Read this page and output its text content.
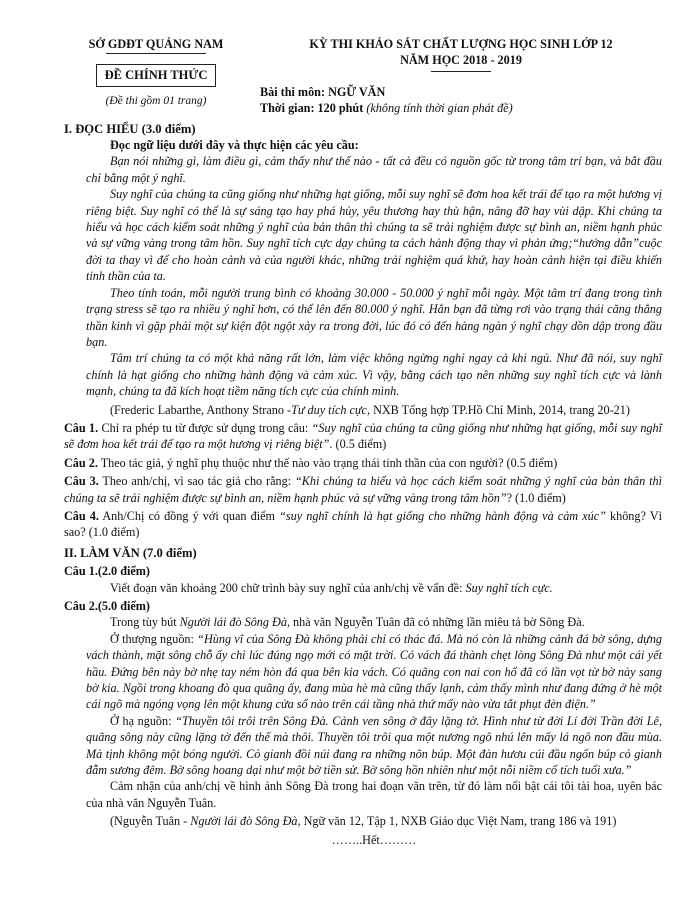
SỞ GDĐT QUẢNG NAM
ĐỀ CHÍNH THỨC
(Đề thi gồm 01 trang)
KỲ THI KHẢO SÁT CHẤT LƯỢNG HỌC SINH LỚP 12
NĂM HỌC 2018 - 2019
Bài thi môn: NGỮ VĂN
Thời gian: 120 phút (không tính thời gian phát đề)
I. ĐỌC HIỂU (3.0 điểm)
Đọc ngữ liệu dưới đây và thực hiện các yêu cầu:

Bạn nói những gì, làm điều gì, cảm thấy như thế nào - tất cả đều có nguồn gốc từ trong tâm trí bạn, và bắt đầu chỉ bằng một ý nghĩ.

Suy nghĩ của chúng ta cũng giống như những hạt giống, mỗi suy nghĩ sẽ đơm hoa kết trái để tạo ra một hương vị riêng biệt. Suy nghĩ có thể là sự sáng tạo hay phá hủy, yêu thương hay thù hận, nâng đỡ hay vùi dập. Khi chúng ta hiểu và học cách kiểm soát những ý nghĩ của bản thân thì chúng ta sẽ trải nghiệm được sự bình an, niềm hạnh phúc và sự vững vàng trong tâm hồn. Suy nghĩ tích cực dạy chúng ta cách hành động thay vì phản ứng;“hướng dẫn”cuộc đời ta thay vì để cho hoàn cảnh và của người khác, những trải nghiệm quá khứ, hay hoàn cảnh hiện tại điều khiển tinh thần của ta.

Theo tính toán, mỗi người trung bình có khoảng 30.000 - 50.000 ý nghĩ mỗi ngày. Một tâm trí đang trong tình trạng stress sẽ tạo ra nhiều ý nghĩ hơn, có thể lên đến 80.000 ý nghĩ. Hẳn bạn đã từng rơi vào trạng thái căng thẳng thần kinh vì gặp phải một sự kiện đột ngột xảy ra trong đời, lúc đó có đến hàng ngàn ý nghĩ chạy dồn dập trong đầu bạn.

Tâm trí chúng ta có một khả năng rất lớn, làm việc không ngừng nghỉ ngay cả khi ngủ. Như đã nói, suy nghĩ chính là hạt giống cho những hành động và cảm xúc. Vì vậy, bằng cách tạo nên những suy nghĩ tích cực và lành mạnh, chúng ta đã kích hoạt tiềm năng tích cực của chính mình.

(Frederic Labarthe, Anthony Strano -Tư duy tích cực, NXB Tổng hợp TP.Hồ Chí Minh, 2014, trang 20-21)
Câu 1. Chỉ ra phép tu từ được sử dụng trong câu: “Suy nghĩ của chúng ta cũng giống như những hạt giống, mỗi suy nghĩ sẽ đơm hoa kết trái để tạo ra một hương vị riêng biệt”. (0.5 điểm)
Câu 2. Theo tác giả, ý nghĩ phụ thuộc như thế nào vào trạng thái tinh thần của con người? (0.5 điểm)
Câu 3. Theo anh/chị, vì sao tác giả cho rằng: “Khi chúng ta hiểu và học cách kiểm soát những ý nghĩ của bản thân thì chúng ta sẽ trải nghiệm được sự bình an, niềm hạnh phúc và sự vững vàng trong tâm hồn”? (1.0 điểm)
Câu 4. Anh/Chị có đồng ý với quan điểm “suy nghĩ chính là hạt giống cho những hành động và cảm xúc” không? Vì sao? (1.0 điểm)
II. LÀM VĂN (7.0 điểm)
Câu 1.(2.0 điểm)

Viết đoạn văn khoảng 200 chữ trình bày suy nghĩ của anh/chị về vấn đề: Suy nghĩ tích cực.

Câu 2.(5.0 điểm)

Trong tùy bút Người lái đò Sông Đà, nhà văn Nguyễn Tuân đã có những lần miêu tả bờ Sông Đà.

Ở thượng nguồn: “Hùng vĩ của Sông Đà không phải chỉ có thác đá. Mà nó còn là những cảnh đá bờ sông, dựng vách thành, mặt sông chỗ ấy chỉ lúc đúng ngọ mới có mặt trời. Có vách đá thành chẹt lòng Sông Đà như một cái yết hầu. Đứng bên này bờ nhẹ tay ném hòn đá qua bên kia vách. Có quãng con nai con hổ đã có lần vọt từ bờ này sang bờ kia. Ngồi trong khoang đò qua quãng ấy, đang mùa hè mà cũng thấy lạnh, cảm thấy mình như đang đứng ở hè một cái ngõ mà ngóng vọng lên một khung cửa sổ nào trên cái tầng nhà thứ mấy nào vừa tắt phụt đèn điện.”

Ở hạ nguồn: “Thuyền tôi trôi trên Sông Đà. Cảnh ven sông ở đây lặng tờ. Hình như từ đời Lí đời Trần đời Lê, quãng sông này cũng lặng tờ đến thế mà thôi. Thuyền tôi trôi qua một nương ngô nhú lên mấy lá ngô non đầu mùa. Mà tịnh không một bóng người. Cỏ gianh đồi núi đang ra những nõn búp. Một đàn hươu cúi đầu ngốn búp cỏ gianh đẫm sương đêm. Bờ sông hoang dại như một bờ tiền sử. Bờ sông hồn nhiên như một nỗi niềm cổ tích tuổi xưa.”

Cảm nhận của anh/chị về hình ảnh Sông Đà trong hai đoạn văn trên, từ đó làm nổi bật cái tôi tài hoa, uyên bác của nhà văn Nguyễn Tuân.

(Nguyễn Tuân - Người lái đò Sông Đà, Ngữ văn 12, Tập 1, NXB Giáo dục Việt Nam, trang 186 và 191)
……..Hết………
